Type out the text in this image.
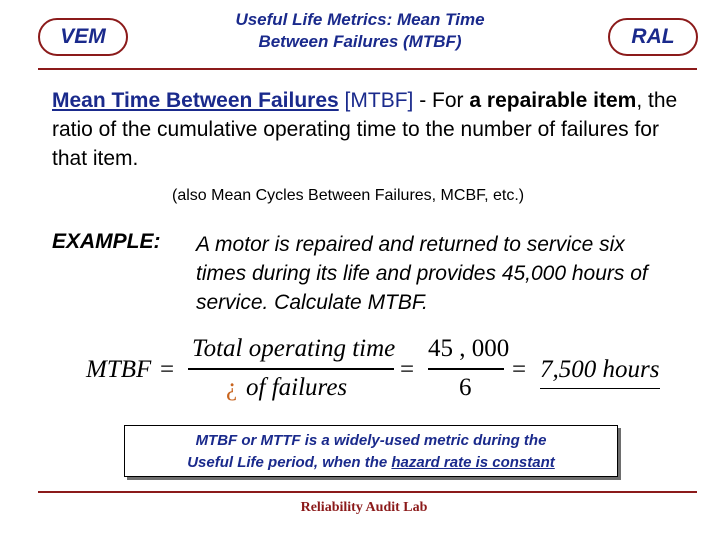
VEM
Useful Life Metrics: Mean Time
Between Failures (MTBF)	RAL
Mean Time Between Failures [MTBF] - For a repairable item, the ratio of the cumulative operating time to the number of failures for that item.
(also Mean Cycles Between Failures, MCBF, etc.)
EXAMPLE: A motor is repaired and returned to service six times during its life and provides 45,000 hours of service. Calculate MTBF.
MTBF =
Total operating time
¿ of failures
=
45 , 000
6
= 7,500 hours
MTBF or MTTF is a widely-used metric during the
Useful Life period, when the hazard rate is constant
Reliability Audit Lab
